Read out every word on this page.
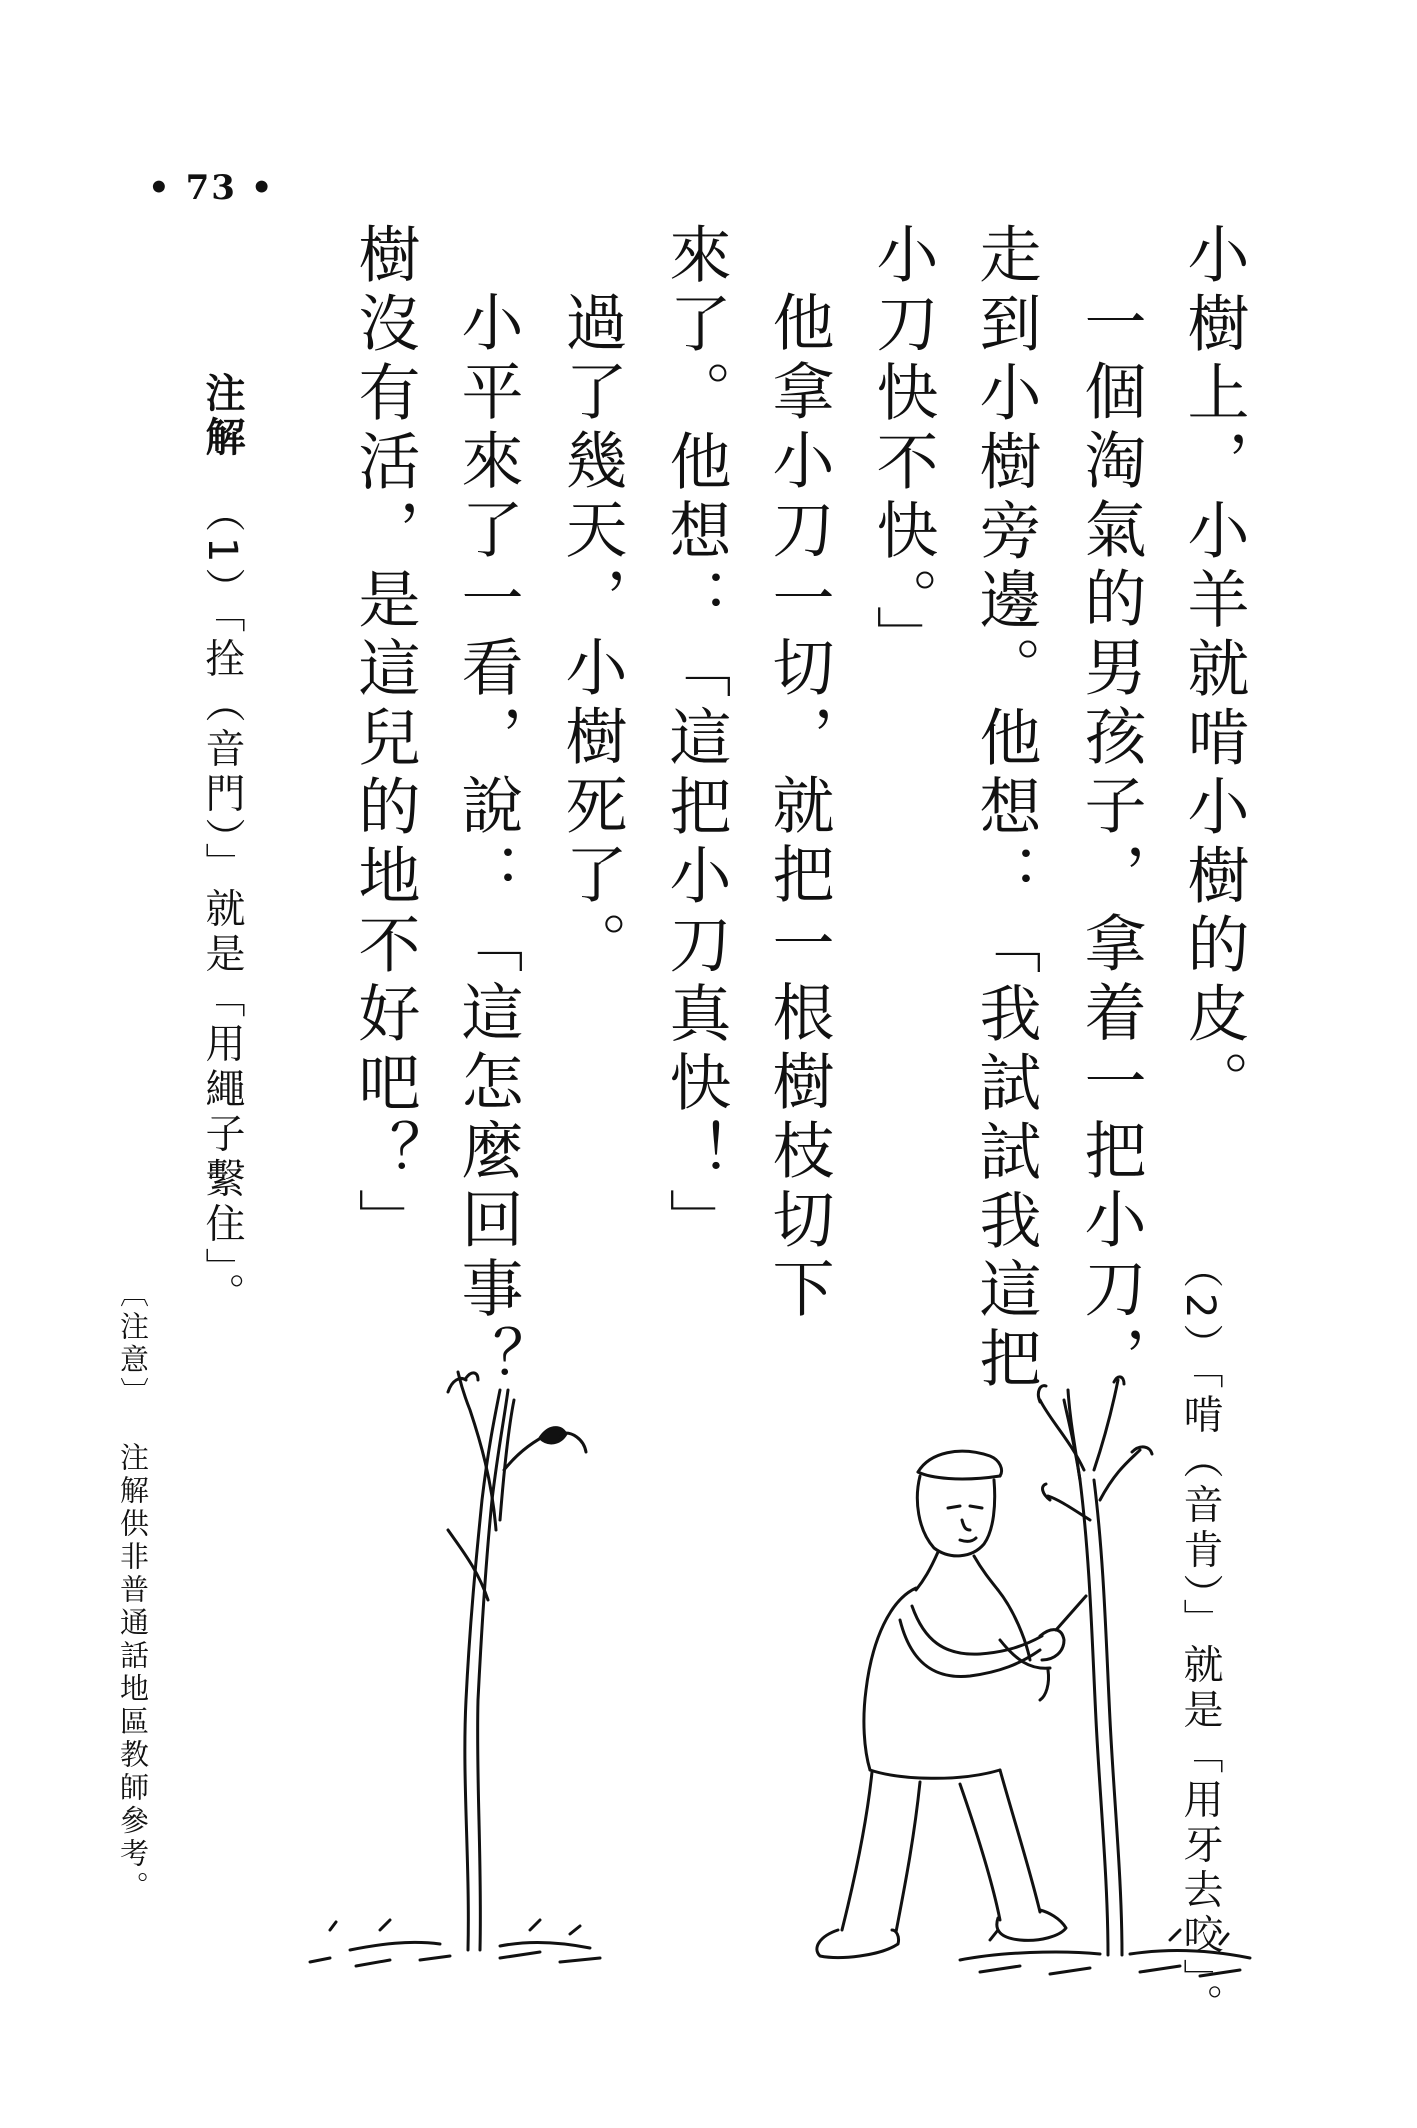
• 73 •
小樹上，小羊就啃小樹的皮。
一個淘氣的男孩子，拿着一把小刀，
走到小樹旁邊。他想：「我試試我這把
小刀快不快。」
他拿小刀一切，就把一根樹枝切下
來了。他想：「這把小刀真快！」
過了幾天，小樹死了。
小平來了一看，說：「這怎麼回事？
樹沒有活，是這兒的地不好吧？」
注解
（1）「拴（音門）」就是「用繩子繫住」。
（2）「啃（音肯）」就是「用牙去咬」。
〔注意〕注解供非普通話地區教師參考。
